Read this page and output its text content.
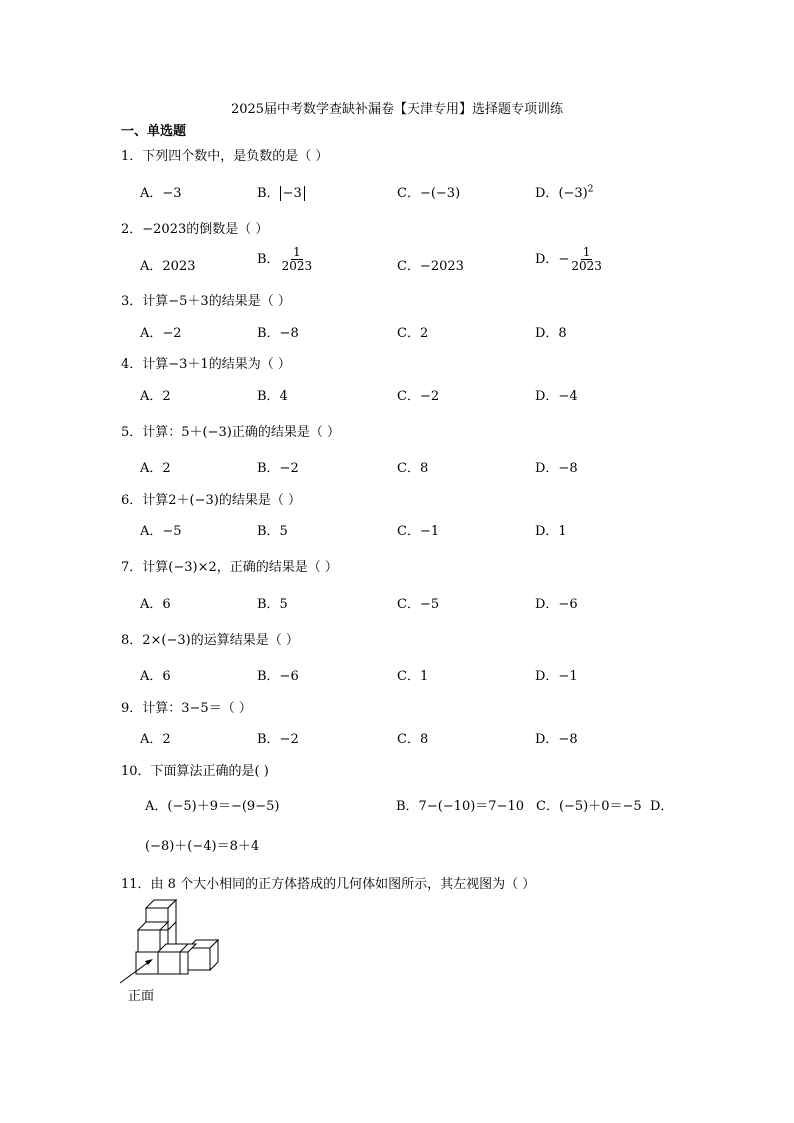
2025届中考数学查缺补漏卷【天津专用】选择题专项训练
一、单选题
1．下列四个数中，是负数的是（ ）
A．−3	B． −3	C．−(−3)	D．$(-3)^2$
2．−2023的倒数是（ ）
A．2023	B． $\frac{1}{2023}$	C．−2023	D．− $\frac{1}{2023}$
3．计算−5＋3的结果是（ ）
A．−2	B．−8	C．2	D．8
4．计算−3＋1的结果为（ ）
A．2	B．4	C．−2	D．−4
5．计算：5＋(−3)正确的结果是（ ）
A．2	B．−2	C．8	D．−8
6．计算2＋(−3)的结果是（ ）
A．−5	B．5	C．−1	D．1
7．计算(−3)×2，正确的结果是（ ）
A．6	B．5	C．−5	D．−6
8．2×(−3)的运算结果是（ ）
A．6	B．−6	C．1	D．−1
9．计算：3−5＝（ ）
A．2	B．−2	C．8	D．−8
10．下面算法正确的是( )
A．(−5)＋9＝−(9−5)	B．7−(−10)＝7−10 C．(−5)＋0＝−5 D．
(−8)＋(−4)＝8＋4
11．由 8 个大小相同的正方体搭成的几何体如图所示，其左视图为（ ）
正面
